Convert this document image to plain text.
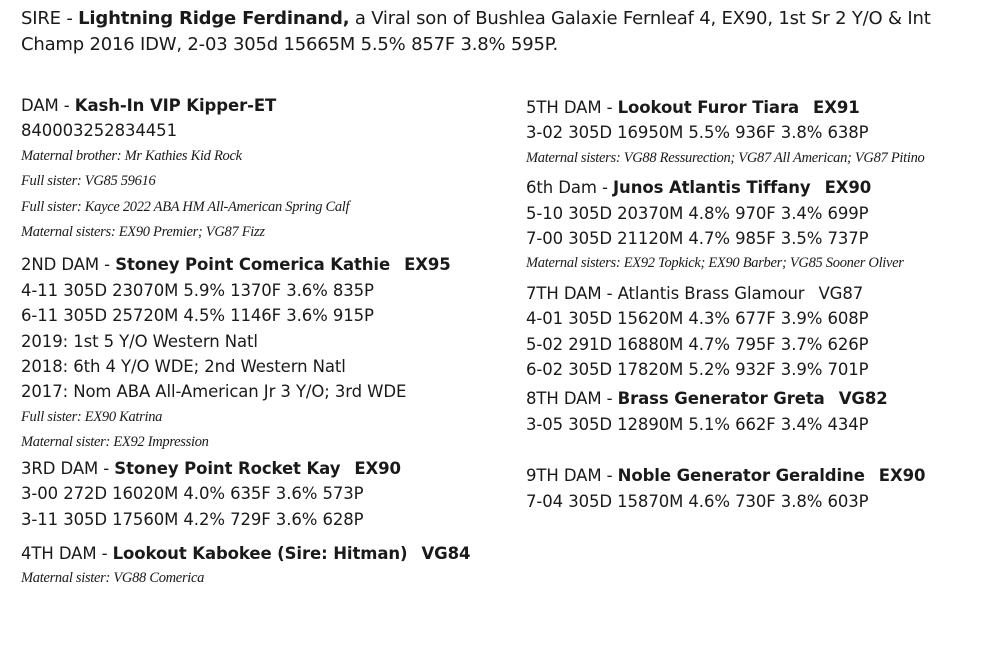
SIRE - Lightning Ridge Ferdinand, a Viral son of Bushlea Galaxie Fernleaf 4, EX90, 1st Sr 2 Y/O & Int Champ 2016 IDW, 2-03 305d 15665M 5.5% 857F 3.8% 595P.
DAM - Kash-In VIP Kipper-ET
840003252834451
Maternal brother: Mr Kathies Kid Rock
Full sister: VG85 59616
Full sister: Kayce 2022 ABA HM All-American Spring Calf
Maternal sisters: EX90 Premier; VG87 Fizz
2ND DAM - Stoney Point Comerica Kathie EX95
4-11 305D 23070M 5.9% 1370F 3.6% 835P
6-11 305D 25720M 4.5% 1146F 3.6% 915P
2019: 1st 5 Y/O Western Natl
2018: 6th 4 Y/O WDE; 2nd Western Natl
2017: Nom ABA All-American Jr 3 Y/O; 3rd WDE
Full sister: EX90 Katrina
Maternal sister: EX92 Impression
3RD DAM - Stoney Point Rocket Kay EX90
3-00 272D 16020M 4.0% 635F 3.6% 573P
3-11 305D 17560M 4.2% 729F 3.6% 628P
4TH DAM - Lookout Kabokee (Sire: Hitman) VG84
Maternal sister: VG88 Comerica
5TH DAM - Lookout Furor Tiara EX91
3-02 305D 16950M 5.5% 936F 3.8% 638P
Maternal sisters: VG88 Ressurection; VG87 All American; VG87 Pitino
6th Dam - Junos Atlantis Tiffany EX90
5-10 305D 20370M 4.8% 970F 3.4% 699P
7-00 305D 21120M 4.7% 985F 3.5% 737P
Maternal sisters: EX92 Topkick; EX90 Barber; VG85 Sooner Oliver
7TH DAM - Atlantis Brass Glamour VG87
4-01 305D 15620M 4.3% 677F 3.9% 608P
5-02 291D 16880M 4.7% 795F 3.7% 626P
6-02 305D 17820M 5.2% 932F 3.9% 701P
8TH DAM - Brass Generator Greta VG82
3-05 305D 12890M 5.1% 662F 3.4% 434P
9TH DAM - Noble Generator Geraldine EX90
7-04 305D 15870M 4.6% 730F 3.8% 603P
